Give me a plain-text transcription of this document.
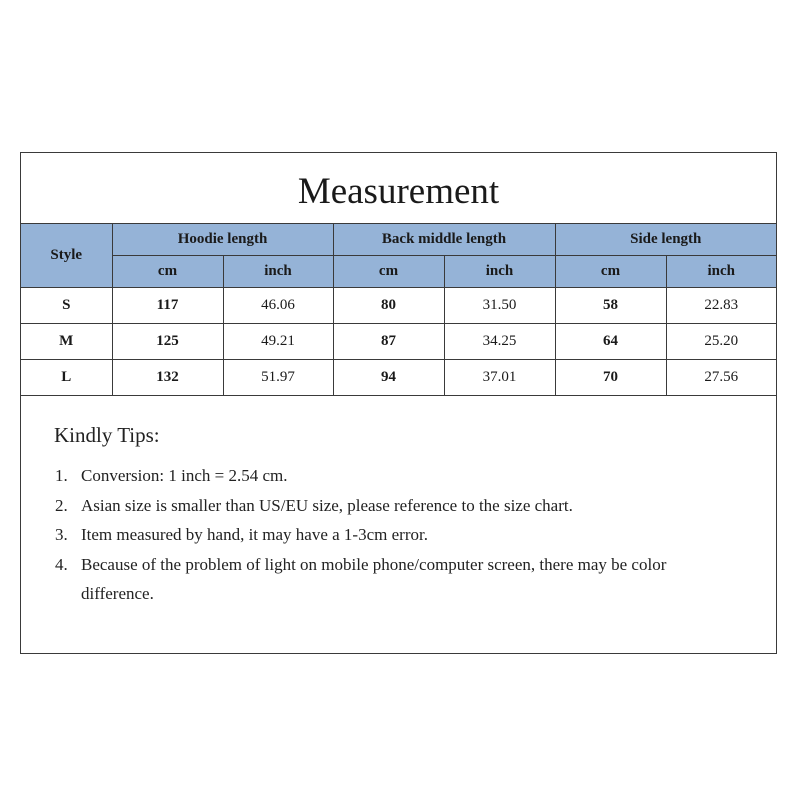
Measurement
Style	Hoodie length		Back middle length		Side length	
	cm	inch	cm	inch	cm	inch
S	117	46.06	80	31.50	58	22.83
M	125	49.21	87	34.25	64	25.20
L	132	51.97	94	37.01	70	27.56
Kindly Tips:
1. Conversion: 1 inch = 2.54 cm.
2. Asian size is smaller than US/EU size, please reference to the size chart.
3. Item measured by hand, it may have a 1-3cm error.
4. Because of the problem of light on mobile phone/computer screen, there may be color difference.
